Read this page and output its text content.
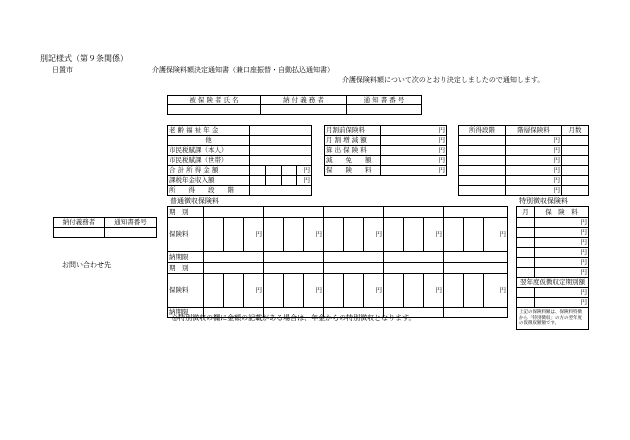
別記様式（第９条関係）
日置市	介護保険料額決定通知書（兼口座振替・自動払込通知書）
介護保険料額について次のとおり決定しましたので通知します。
被 保 険 者 氏 名	納 付 義 務 者	通 知 書 番 号

老 齢 福 祉 年 金				
他				
市民税賦課（本人）				
市民税賦課（世帯）				
合 計 所 得 金 額				円
課税年金収入額				円
所　　得　　段　　階				
月割前保険料	円
月 割 増 減 額	円
算 出 保 険 料	円
減　　免　　額	円
保　　険　　料	円
所得段階	階層保険料	月数
	円	
	円	
	円	
	円	
	円	
	円	
納付義務者	通知書番号

お問い合わせ先
普通徴収保険料
期　別															
保険料			円			円			円			円			円
納期限															
期　別															
保険料			円			円			円			円			円
納期限															
特別徴収保険料
月	保　険　料
	円
	円
	円
	円
	円
	円
翌年度仮徴収定期別額	
	円
	円
上記の保険料額は、保険料特徴から「特別徴収」の方の翌年度の仮徴収額額です。	
◎特別徴収の欄に金額の記載がある場合は、年金からの特別徴収となります。
